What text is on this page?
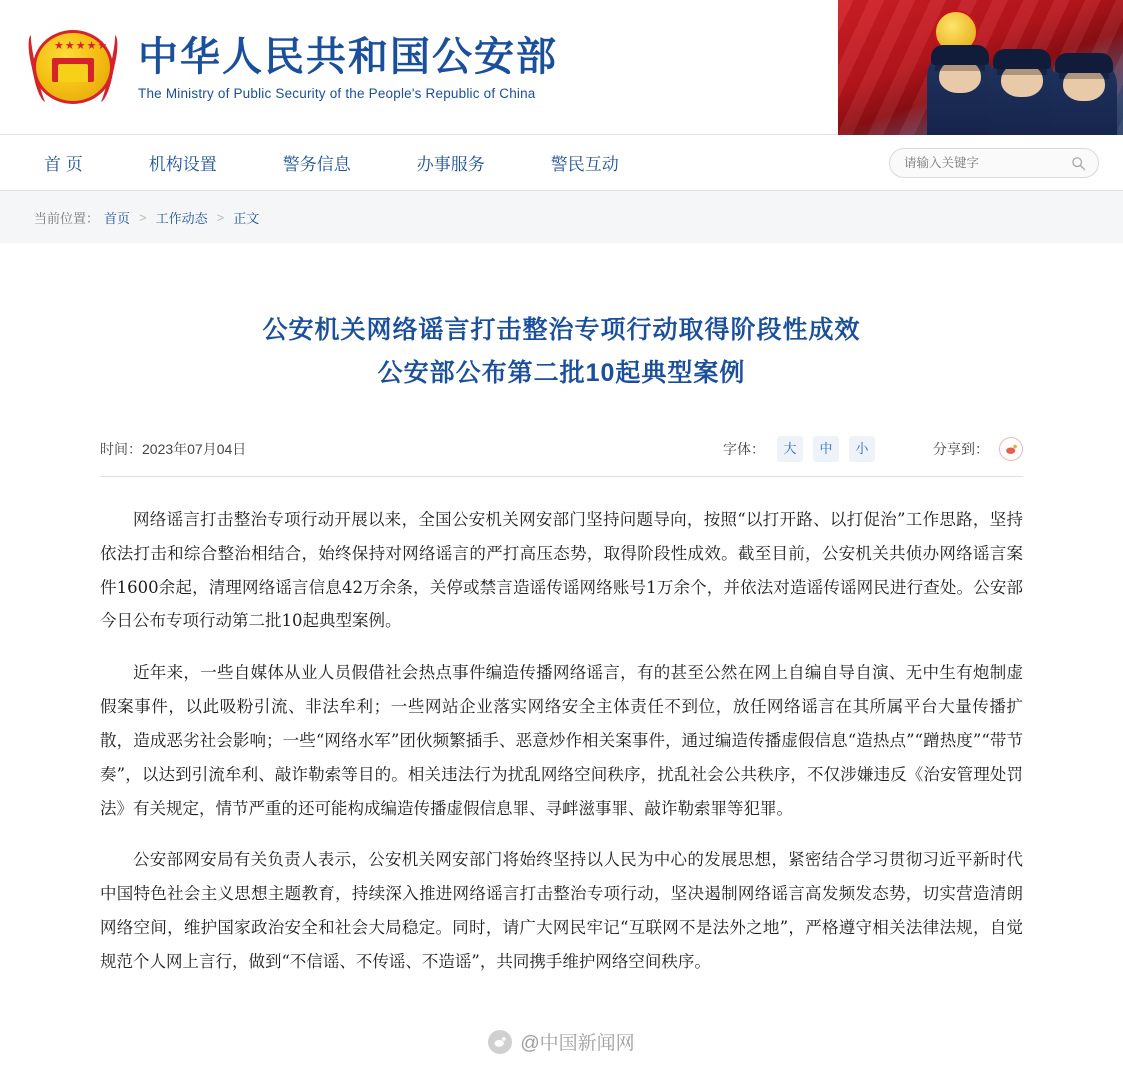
★★★★★ 中华人民共和国公安部
The Ministry of Public Security of the People's Republic of China
首 页	机构设置	警务信息	办事服务	警民互动
请输入关键字
当前位置： 首页 > 工作动态 > 正文
公安机关网络谣言打击整治专项行动取得阶段性成效
公安部公布第二批10起典型案例
时间： 2023年07月04日	字体：	大	中	小	分享到：

网络谣言打击整治专项行动开展以来，全国公安机关网安部门坚持问题导向，按照“以打开路、以打促治”工作思路，坚持依法打击和综合整治相结合，始终保持对网络谣言的严打高压态势，取得阶段性成效。截至目前，公安机关共侦办网络谣言案件1600余起，清理网络谣言信息42万余条，关停或禁言造谣传谣网络账号1万余个，并依法对造谣传谣网民进行查处。公安部今日公布专项行动第二批10起典型案例。

近年来，一些自媒体从业人员假借社会热点事件编造传播网络谣言，有的甚至公然在网上自编自导自演、无中生有炮制虚假案事件，以此吸粉引流、非法牟利；一些网站企业落实网络安全主体责任不到位，放任网络谣言在其所属平台大量传播扩散，造成恶劣社会影响；一些“网络水军”团伙频繁插手、恶意炒作相关案事件，通过编造传播虚假信息“造热点”“蹭热度”“带节奏”，以达到引流牟利、敲诈勒索等目的。相关违法行为扰乱网络空间秩序，扰乱社会公共秩序，不仅涉嫌违反《治安管理处罚法》有关规定，情节严重的还可能构成编造传播虚假信息罪、寻衅滋事罪、敲诈勒索罪等犯罪。

公安部网安局有关负责人表示，公安机关网安部门将始终坚持以人民为中心的发展思想，紧密结合学习贯彻习近平新时代中国特色社会主义思想主题教育，持续深入推进网络谣言打击整治专项行动，坚决遏制网络谣言高发频发态势，切实营造清朗网络空间，维护国家政治安全和社会大局稳定。同时，请广大网民牢记“互联网不是法外之地”，严格遵守相关法律法规，自觉规范个人网上言行，做到“不信谣、不传谣、不造谣”，共同携手维护网络空间秩序。

@中国新闻网
